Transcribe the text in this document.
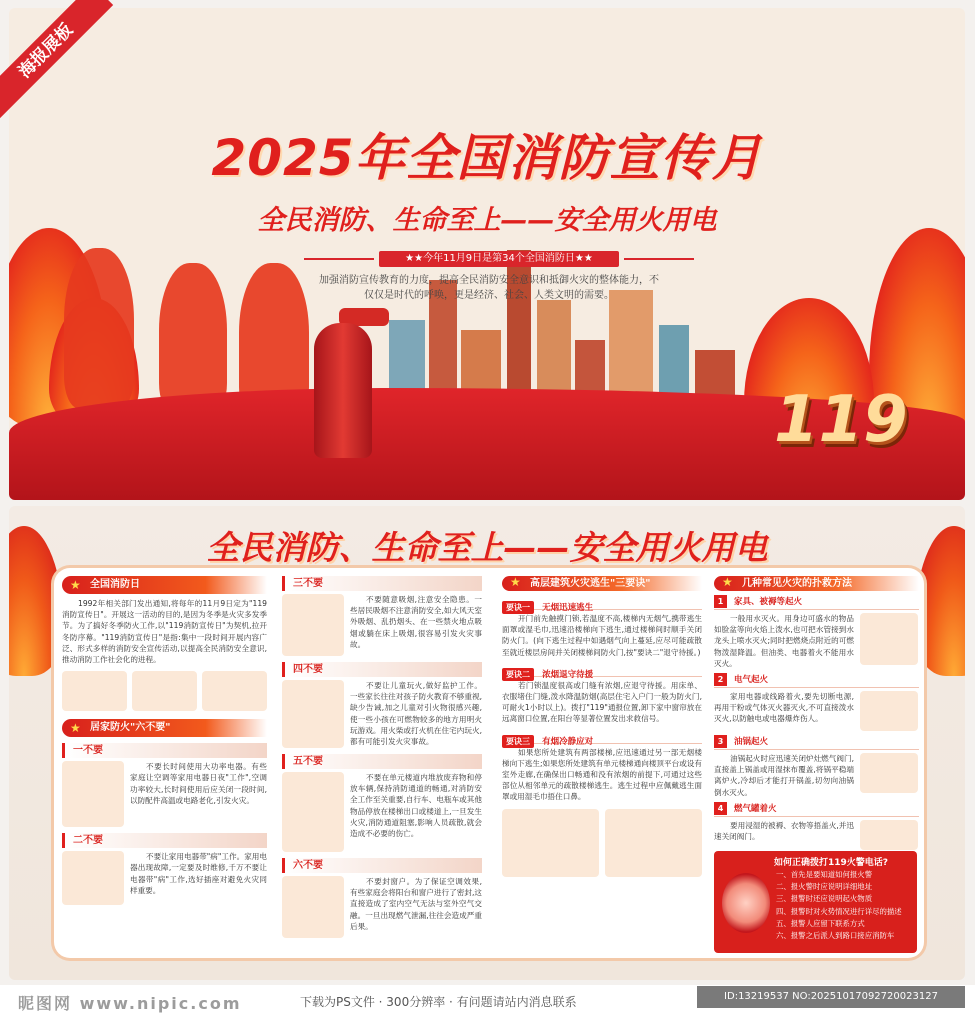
119
2025年全国消防宣传月
全民消防、生命至上——安全用火用电
★★今年11月9日是第34个全国消防日★★
加强消防宣传教育的力度，提高全民消防安全意识和抵御火灾的整体能力，不仅仅是时代的呼唤，更是经济、社会、人类文明的需要。
海报展板
全民消防、生命至上——安全用火用电
★ 全国消防日
1992年相关部门发出通知,将每年的11月9日定为"119消防宣传日"。开展这一活动的目的,是因为冬季是火灾多发季节。为了搞好冬季防火工作,以"119消防宣传日"为契机,拉开冬防序幕。"119消防宣传日"是指:集中一段时间开展内容广泛、形式多样的消防安全宣传活动,以提高全民消防安全意识,推动消防工作社会化的进程。
★ 居家防火"六不要"
一不要
不要长时间使用大功率电器。有些家庭让空调等家用电器日夜"工作",空调功率较大,长时间使用后应关闭一段时间,以防配件高温或电路老化,引发火灾。
二不要
不要让家用电器带"病"工作。家用电器出现故障,一定要及时维修,千万不要让电器带"病"工作,选好插座对避免火灾同样重要。
三不要
不要随意吸烟,注意安全隐患。一些居民吸烟不注意消防安全,如大风天室外吸烟、乱扔烟头、在一些禁火地点吸烟或躺在床上吸烟,很容易引发火灾事故。
四不要
不要让儿童玩火,做好监护工作。一些家长往往对孩子防火教育不够重视,缺少告诫,加之儿童对引火物很感兴趣,使一些小孩在可燃物较多的地方用明火玩游戏。用火柴或打火机在住宅内玩火,都有可能引发火灾事故。
五不要
不要在单元楼道内堆放废弃物和停放车辆,保持消防通道的畅通,对消防安全工作至关重要,自行车、电瓶车或其他物品停放在楼梯出口或楼道上,一旦发生火灾,消防通道阻塞,影响人员疏散,就会造成不必要的伤亡。
六不要
不要封窗户。为了保证空调效果,有些家庭会将阳台和窗户进行了密封,这直接造成了室内空气无法与室外空气交融。一旦出现燃气泄漏,往往会造成严重后果。
★ 高层建筑火灾逃生"三要诀"
要诀一 无烟迅速逃生
开门前先触摸门锁,若温度不高,楼梯内无烟气,携带逃生面罩或湿毛巾,迅速沿楼梯向下逃生,通过楼梯间时顺手关闭防火门。(向下逃生过程中如遇烟气向上蔓延,应尽可能疏散至就近楼层房间并关闭楼梯间防火门,按"要诀二"退守待援。)
要诀二 浓烟退守待援
若门锁温度很高或门缝有浓烟,应退守待援。用床单、衣服堵住门缝,泼水降温防烟(高层住宅入户门一般为防火门,可耐火1小时以上)。拨打"119"通报位置,卸下家中窗帘放在远离窗口位置,在阳台等显著位置发出求救信号。
要诀三 有烟冷静应对
如果您所处建筑有两部楼梯,应迅速通过另一部无烟楼梯向下逃生;如果您所处建筑有单元楼梯通向楼顶平台或设有室外走廊,在确保出口畅通和没有浓烟的前提下,可通过这些部位从相邻单元的疏散楼梯逃生。逃生过程中应佩戴逃生面罩或用湿毛巾捂住口鼻。
★ 几种常见火灾的扑救方法
1 家具、被褥等起火
一般用水灭火。用身边可盛水的物品如脸盆等向火焰上泼水,也可把水管接到水龙头上喷水灭火;同时把燃烧点附近的可燃物泼湿降温。但油类、电器着火不能用水灭火。
2 电气起火
家用电器或线路着火,要先切断电源,再用干粉或气体灭火器灭火,不可直接泼水灭火,以防触电或电器爆炸伤人。
3 油锅起火
油锅起火时应迅速关闭炉灶燃气阀门,直接盖上锅盖或用湿抹布覆盖,将锅平稳端离炉火,冷却后才能打开锅盖,切勿向油锅倒水灭火。
4 燃气罐着火
要用浸湿的被褥、衣物等捂盖火,并迅速关闭阀门。
如何正确拨打119火警电话?
一、首先是要知道如何报火警
二、报火警时应说明详细地址
三、报警时还应说明起火物质
四、报警时对火势情况进行详尽的描述
五、报警人应留下联系方式
六、报警之后派人到路口接应消防车
昵图网 www.nipic.com	下载为PS文件 · 300分辨率 · 有问题请站内消息联系	ID:13219537 NO:20251017092720023127
